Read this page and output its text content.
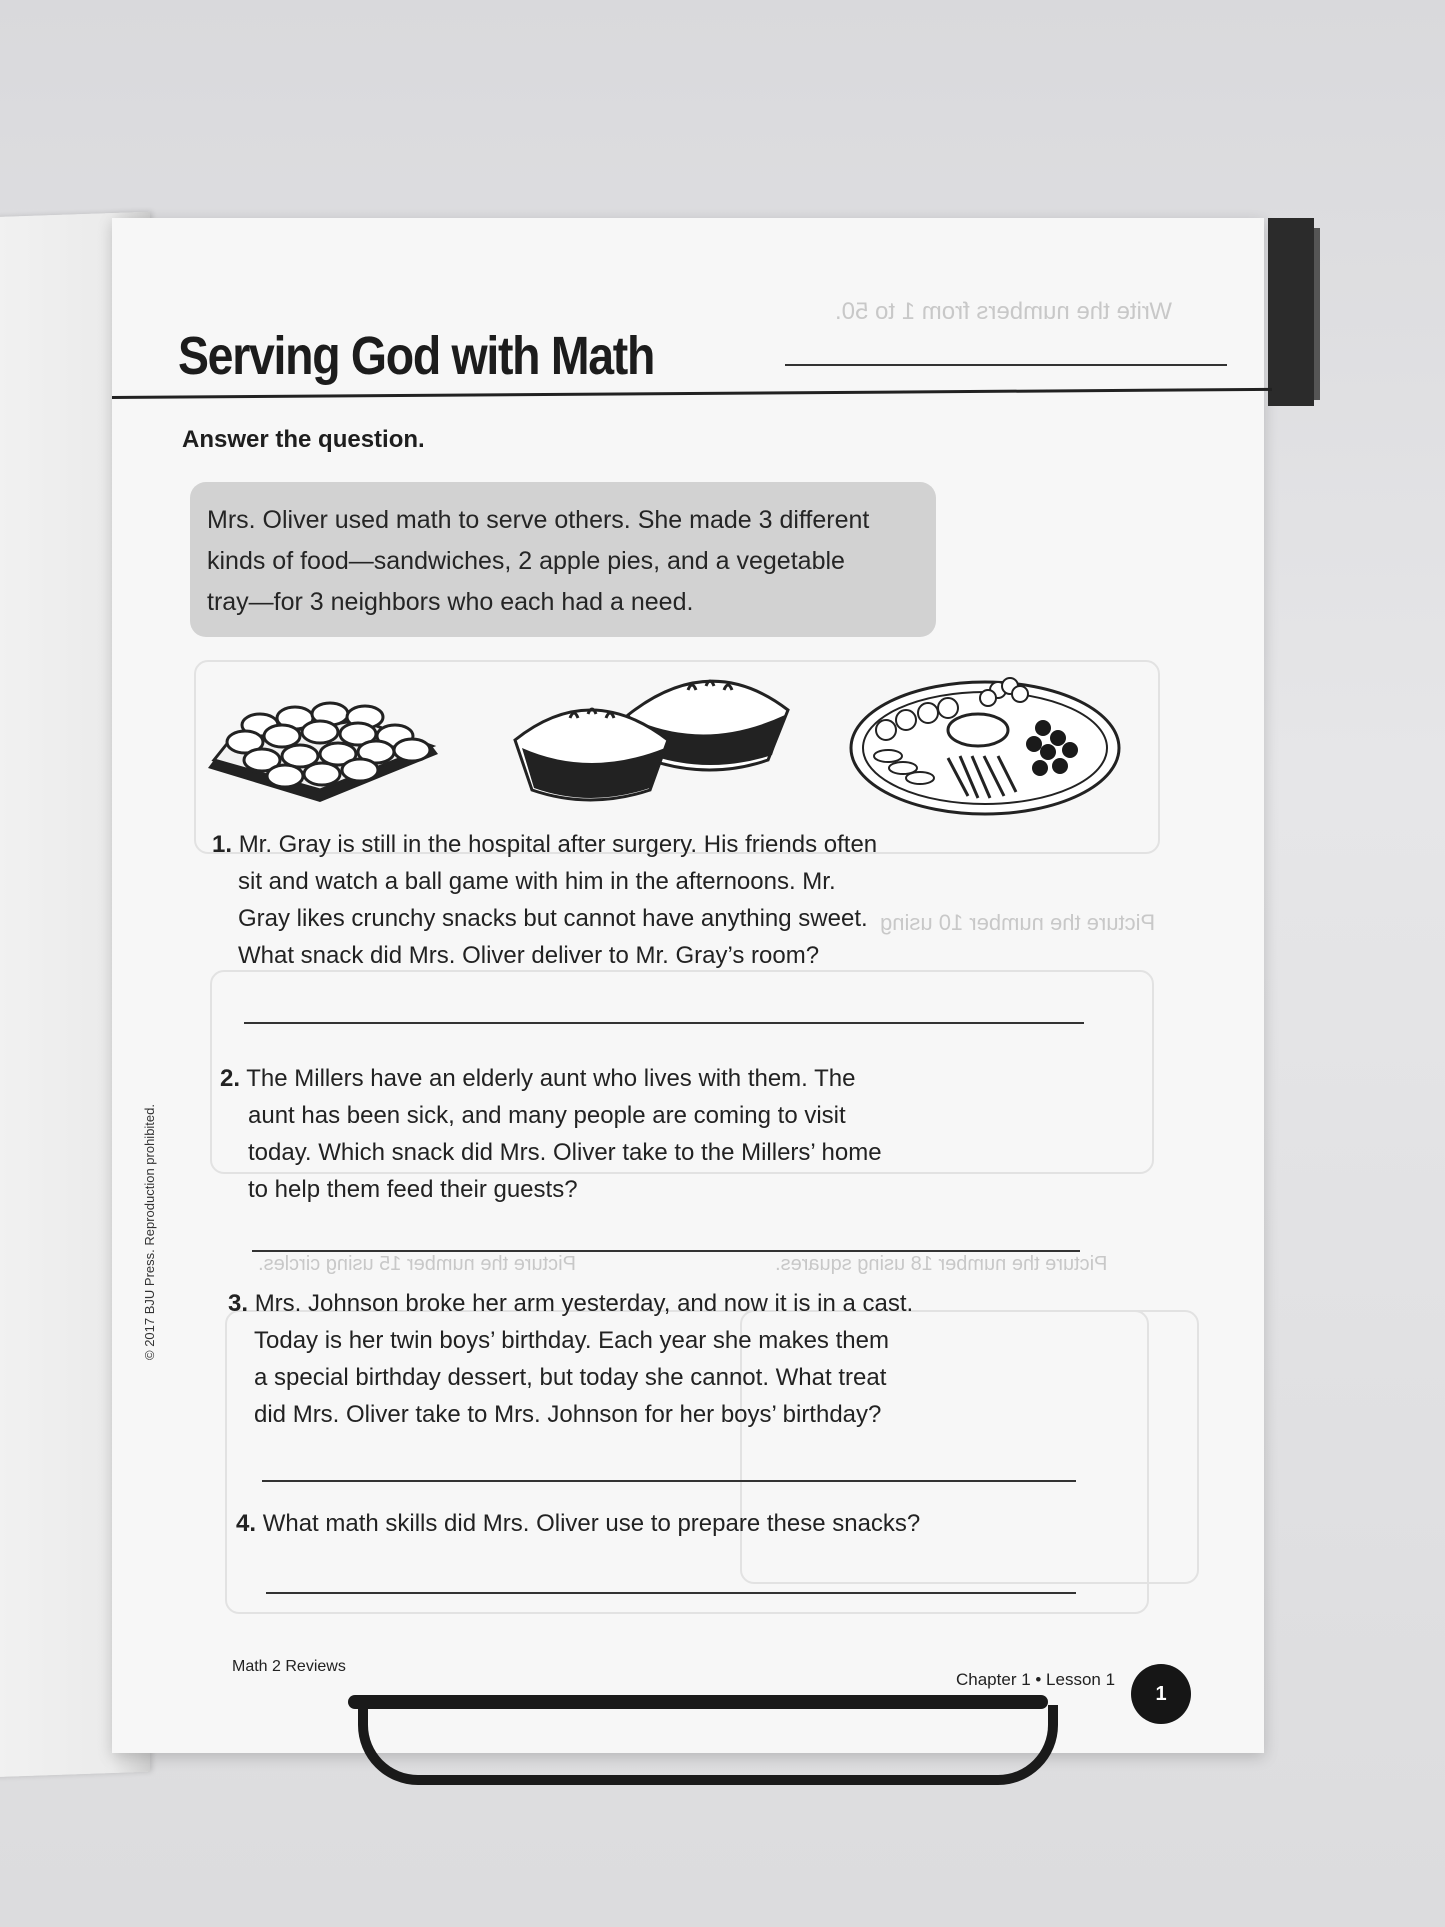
Write the numbers from 1 to 50.
Picture the number 10 using
Picture the number 15 using circles.	Picture the number 18 using squares.
Serving God with Math
Answer the question.
Mrs. Oliver used math to serve others. She made 3 different
kinds of food—sandwiches, 2 apple pies, and a vegetable
tray—for 3 neighbors who each had a need.
1. Mr. Gray is still in the hospital after surgery. His friends often
sit and watch a ball game with him in the afternoons. Mr.
Gray likes crunchy snacks but cannot have anything sweet.
What snack did Mrs. Oliver deliver to Mr. Gray’s room?
2. The Millers have an elderly aunt who lives with them. The
aunt has been sick, and many people are coming to visit
today. Which snack did Mrs. Oliver take to the Millers’ home
to help them feed their guests?
3. Mrs. Johnson broke her arm yesterday, and now it is in a cast.
Today is her twin boys’ birthday. Each year she makes them
a special birthday dessert, but today she cannot. What treat
did Mrs. Oliver take to Mrs. Johnson for her boys’ birthday?
4. What math skills did Mrs. Oliver use to prepare these snacks?
© 2017 BJU Press. Reproduction prohibited.
Math 2 Reviews
Chapter 1 • Lesson 1
1
